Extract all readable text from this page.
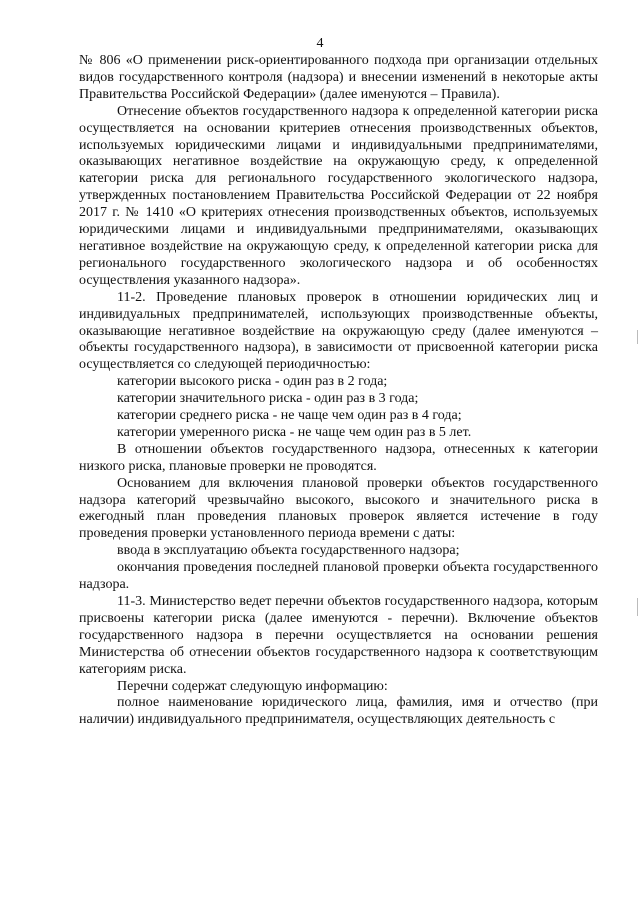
4

№ 806 «О применении риск-ориентированного подхода при организации отдельных видов государственного контроля (надзора) и внесении изменений в некоторые акты Правительства Российской Федерации» (далее именуются – Правила).

Отнесение объектов государственного надзора к определенной категории риска осуществляется на основании критериев отнесения производственных объектов, используемых юридическими лицами и индивидуальными предпринимателями, оказывающих негативное воздействие на окружающую среду, к определенной категории риска для регионального государственного экологического надзора, утвержденных постановлением Правительства Российской Федерации от 22 ноября 2017 г. № 1410 «О критериях отнесения производственных объектов, используемых юридическими лицами и индивидуальными предпринимателями, оказывающих негативное воздействие на окружающую среду, к определенной категории риска для регионального государственного экологического надзора и об особенностях осуществления указанного надзора».

11-2. Проведение плановых проверок в отношении юридических лиц и индивидуальных предпринимателей, использующих производственные объекты, оказывающие негативное воздействие на окружающую среду (далее именуются – объекты государственного надзора), в зависимости от присвоенной категории риска осуществляется со следующей периодичностью:

категории высокого риска - один раз в 2 года;

категории значительного риска - один раз в 3 года;

категории среднего риска - не чаще чем один раз в 4 года;

категории умеренного риска - не чаще чем один раз в 5 лет.

В отношении объектов государственного надзора, отнесенных к категории низкого риска, плановые проверки не проводятся.

Основанием для включения плановой проверки объектов государственного надзора категорий чрезвычайно высокого, высокого и значительного риска в ежегодный план проведения плановых проверок является истечение в году проведения проверки установленного периода времени с даты:

ввода в эксплуатацию объекта государственного надзора;

окончания проведения последней плановой проверки объекта государственного надзора.

11-3. Министерство ведет перечни объектов государственного надзора, которым присвоены категории риска (далее именуются - перечни). Включение объектов государственного надзора в перечни осуществляется на основании решения Министерства об отнесении объектов государственного надзора к соответствующим категориям риска.

Перечни содержат следующую информацию:

полное наименование юридического лица, фамилия, имя и отчество (при наличии) индивидуального предпринимателя, осуществляющих деятельность с
